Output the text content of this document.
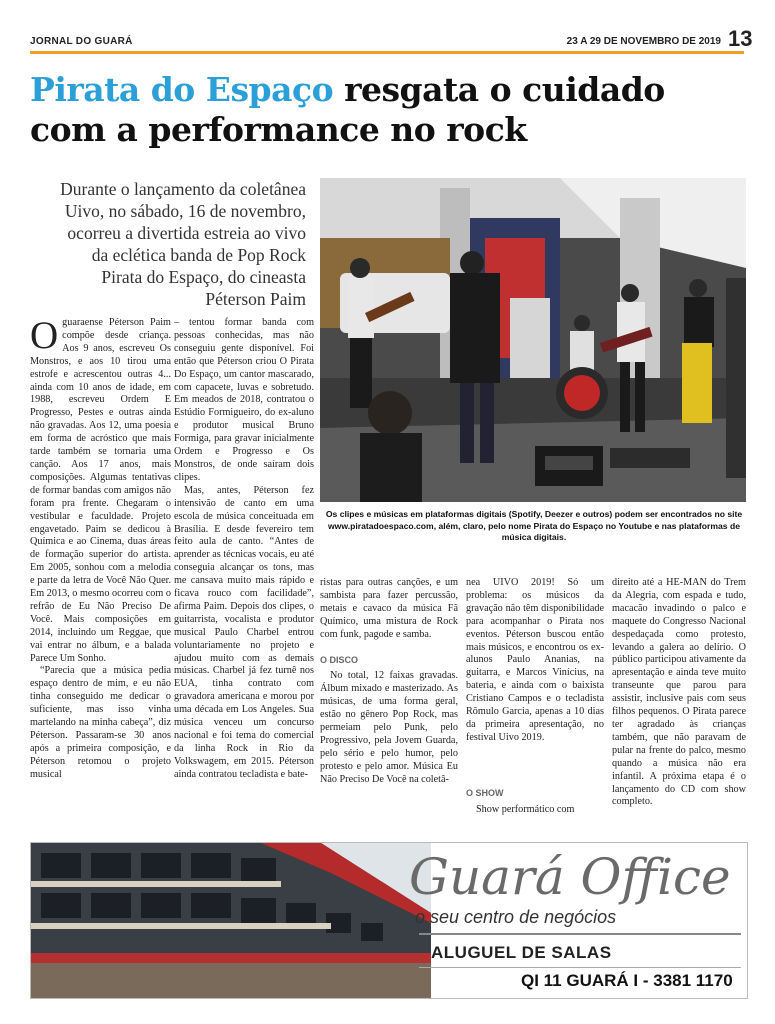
JORNAL DO GUARÁ	23 A 29 DE NOVEMBRO DE 2019 13
Pirata do Espaço resgata o cuidado com a performance no rock
Durante o lançamento da coletânea Uivo, no sábado, 16 de novembro, ocorreu a divertida estreia ao vivo da eclética banda de Pop Rock Pirata do Espaço, do cineasta Péterson Paim
Os clipes e músicas em plataformas digitais (Spotify, Deezer e outros) podem ser encontrados no site www.piratadoespaco.com, além, claro, pelo nome Pirata do Espaço no Youtube e nas plataformas de música digitais.

Oguaraense Péterson Paim compõe desde criança. Aos 9 anos, escreveu Os Monstros, e aos 10 tirou uma estrofe e acrescentou outras 4... ainda com 10 anos de idade, em 1988, escreveu Ordem E Progresso, Pestes e outras ainda não gravadas. Aos 12, uma poesia em forma de acróstico que mais tarde também se tornaria uma canção. Aos 17 anos, mais composições. Algumas tentativas de formar bandas com amigos não foram pra frente. Chegaram o vestibular e faculdade. Projeto engavetado. Paim se dedicou à Química e ao Cinema, duas áreas de formação superior do artista. Em 2005, sonhou com a melodia e parte da letra de Você Não Quer. Em 2013, o mesmo ocorreu com o refrão de Eu Não Preciso De Você. Mais composições em 2014, incluindo um Reggae, que vai entrar no álbum, e a balada Parece Um Sonho.

“Parecia que a música pedia espaço dentro de mim, e eu não tinha conseguido me dedicar o suficiente, mas isso vinha martelando na minha cabeça”, diz Péterson. Passaram-se 30 anos após a primeira composição, e Péterson retomou o projeto musical

– tentou formar banda com pessoas conhecidas, mas não conseguiu gente disponível. Foi então que Péterson criou O Pirata Do Espaço, um cantor mascarado, com capacete, luvas e sobretudo. Em meados de 2018, contratou o Estúdio Formigueiro, do ex-aluno e produtor musical Bruno Formiga, para gravar inicialmente Ordem e Progresso e Os Monstros, de onde saíram dois clipes.

Mas, antes, Péterson fez intensivão de canto em uma escola de música conceituada em Brasília. E desde fevereiro tem feito aula de canto. “Antes de aprender as técnicas vocais, eu até conseguia alcançar os tons, mas me cansava muito mais rápido e ficava rouco com facilidade”, afirma Paim. Depois dos clipes, o guitarrista, vocalista e produtor musical Paulo Charbel entrou voluntariamente no projeto e ajudou muito com as demais músicas. Charbel já fez turnê nos EUA, tinha contrato com gravadora americana e morou por uma década em Los Angeles. Sua música venceu um concurso nacional e foi tema do comercial da linha Rock in Rio da Volkswagem, em 2015. Péterson ainda contratou tecladista e bate-

ristas para outras canções, e um sambista para fazer percussão, metais e cavaco da música Fã Químico, uma mistura de Rock com funk, pagode e samba.

O DISCO

No total, 12 faixas gravadas. Álbum mixado e masterizado. As músicas, de uma forma geral, estão no gênero Pop Rock, mas permeiam pelo Punk, pelo Progressivo, pela Jovem Guarda, pelo sério e pelo humor, pelo protesto e pelo amor. Música Eu Não Preciso De Você na coletâ-

nea UIVO 2019! Só um problema: os músicos da gravação não têm disponibilidade para acompanhar o Pirata nos eventos. Péterson buscou então mais músicos, e encontrou os ex-alunos Paulo Ananias, na guitarra, e Marcos Vinícius, na bateria, e ainda com o baixista Cristiano Campos e o tecladista Rômulo Garcia, apenas a 10 dias da primeira apresentação, no festival Uivo 2019.

O SHOW

Show performático com

direito até a HE-MAN do Trem da Alegria, com espada e tudo, macacão invadindo o palco e maquete do Congresso Nacional despedaçada como protesto, levando a galera ao delírio. O público participou ativamente da apresentação e ainda teve muito transeunte que parou para assistir, inclusive pais com seus filhos pequenos. O Pirata parece ter agradado às crianças também, que não paravam de pular na frente do palco, mesmo quando a música não era infantil. A próxima etapa é o lançamento do CD com show completo.

Guará Office
o seu centro de negócios
ALUGUEL DE SALAS
QI 11 GUARÁ I - 3381 1170
